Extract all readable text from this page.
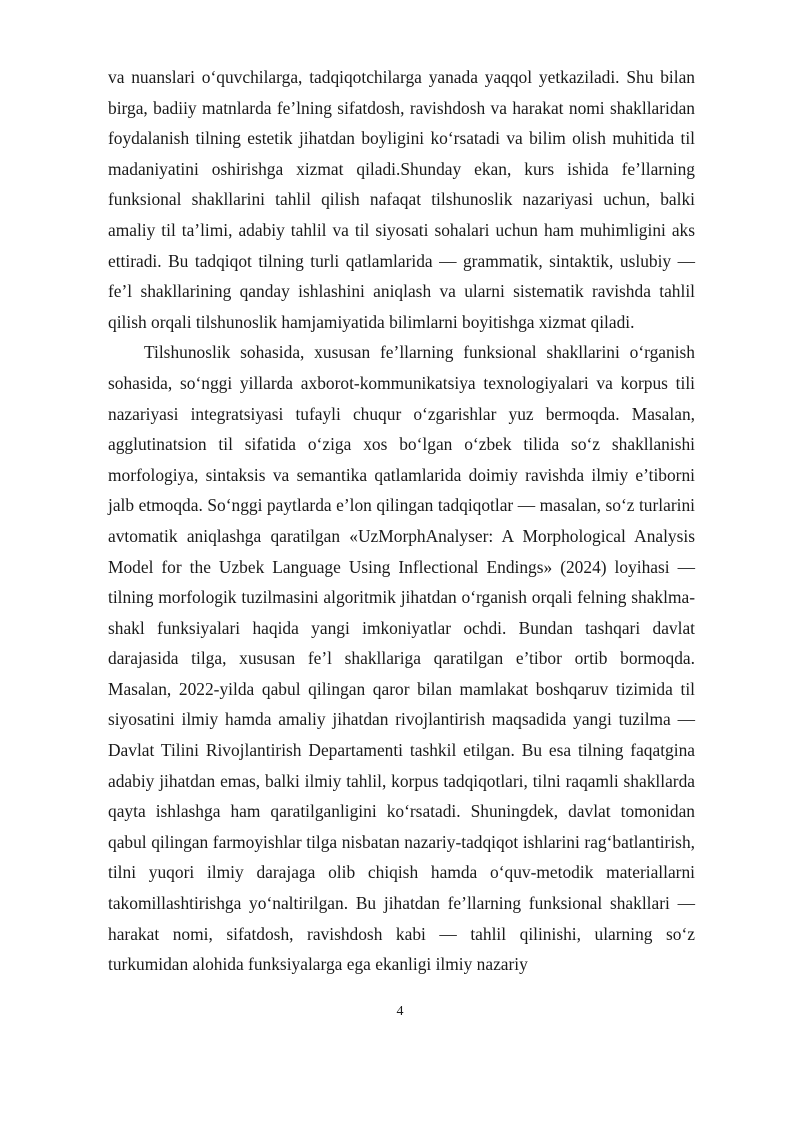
va nuanslari o‘quvchilarga, tadqiqotchilarga yanada yaqqol yetkaziladi. Shu bilan birga, badiiy matnlarda fe’lning sifatdosh, ravishdosh va harakat nomi shakllaridan foydalanish tilning estetik jihatdan boyligini ko‘rsatadi va bilim olish muhitida til madaniyatini oshirishga xizmat qiladi.Shunday ekan, kurs ishida fe’llarning funksional shakllarini tahlil qilish nafaqat tilshunoslik nazariyasi uchun, balki amaliy til ta’limi, adabiy tahlil va til siyosati sohalari uchun ham muhimligini aks ettiradi. Bu tadqiqot tilning turli qatlamlarida — grammatik, sintaktik, uslubiy — fe’l shakllarining qanday ishlashini aniqlash va ularni sistematik ravishda tahlil qilish orqali tilshunoslik hamjamiyatida bilimlarni boyitishga xizmat qiladi.

Tilshunoslik sohasida, xususan fe’llarning funksional shakllarini o‘rganish sohasida, so‘nggi yillarda axborot-kommunikatsiya texnologiyalari va korpus tili nazariyasi integratsiyasi tufayli chuqur o‘zgarishlar yuz bermoqda. Masalan, agglutinatsion til sifatida o‘ziga xos bo‘lgan o‘zbek tilida so‘z shakllanishi morfologiya, sintaksis va semantika qatlamlarida doimiy ravishda ilmiy e’tiborni jalb etmoqda. So‘nggi paytlarda e’lon qilingan tadqiqotlar — masalan, so‘z turlarini avtomatik aniqlashga qaratilgan «UzMorphAnalyser: A Morphological Analysis Model for the Uzbek Language Using Inflectional Endings» (2024) loyihasi — tilning morfologik tuzilmasini algoritmik jihatdan o‘rganish orqali felning shaklma-shakl funksiyalari haqida yangi imkoniyatlar ochdi. Bundan tashqari davlat darajasida tilga, xususan fe’l shakllariga qaratilgan e’tibor ortib bormoqda. Masalan, 2022-yilda qabul qilingan qaror bilan mamlakat boshqaruv tizimida til siyosatini ilmiy hamda amaliy jihatdan rivojlantirish maqsadida yangi tuzilma — Davlat Tilini Rivojlantirish Departamenti tashkil etilgan. Bu esa tilning faqatgina adabiy jihatdan emas, balki ilmiy tahlil, korpus tadqiqotlari, tilni raqamli shakllarda qayta ishlashga ham qaratilganligini ko‘rsatadi. Shuningdek, davlat tomonidan qabul qilingan farmoyishlar tilga nisbatan nazariy-tadqiqot ishlarini rag‘batlantirish, tilni yuqori ilmiy darajaga olib chiqish hamda o‘quv-metodik materiallarni takomillashtirishga yo‘naltirilgan. Bu jihatdan fe’llarning funksional shakllari — harakat nomi, sifatdosh, ravishdosh kabi — tahlil qilinishi, ularning so‘z turkumidan alohida funksiyalarga ega ekanligi ilmiy nazariy

4
